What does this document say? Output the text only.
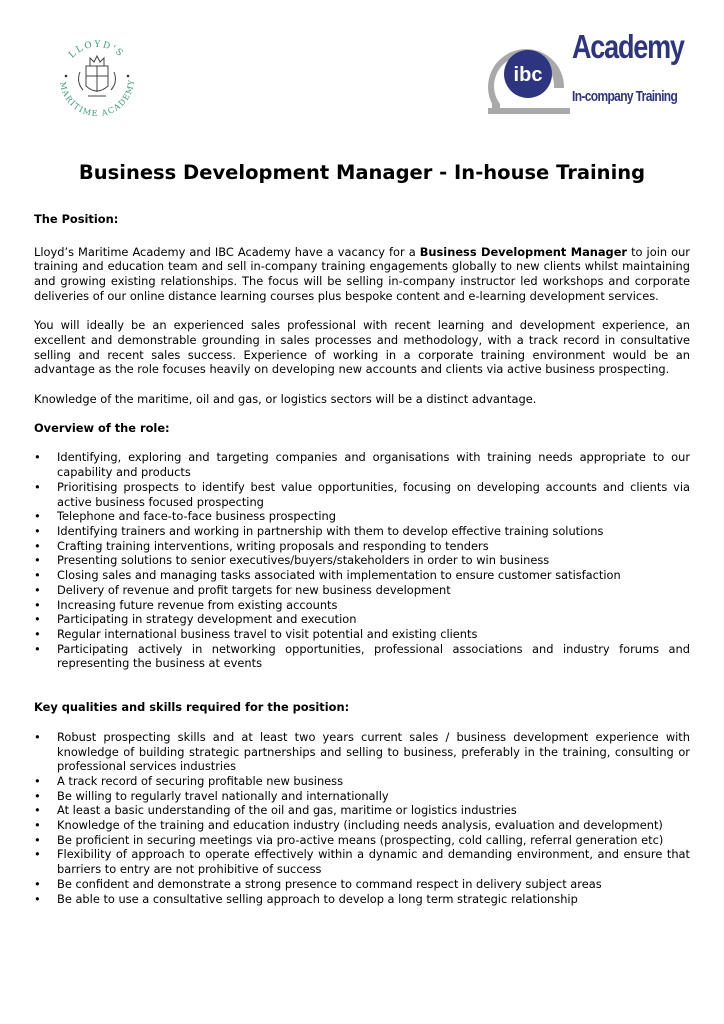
LLOYD'S
MARITIME ACADEMY	ibc
Academy
In-company Training
Business Development Manager - In-house Training
The Position:

Lloyd’s Maritime Academy and IBC Academy have a vacancy for a Business Development Manager to join our training and education team and sell in-company training engagements globally to new clients whilst maintaining and growing existing relationships. The focus will be selling in-company instructor led workshops and corporate deliveries of our online distance learning courses plus bespoke content and e-learning development services.

You will ideally be an experienced sales professional with recent learning and development experience, an excellent and demonstrable grounding in sales processes and methodology, with a track record in consultative selling and recent sales success. Experience of working in a corporate training environment would be an advantage as the role focuses heavily on developing new accounts and clients via active business prospecting.

Knowledge of the maritime, oil and gas, or logistics sectors will be a distinct advantage.

Overview of the role:
• Identifying, exploring and targeting companies and organisations with training needs appropriate to our capability and products
• Prioritising prospects to identify best value opportunities, focusing on developing accounts and clients via active business focused prospecting
• Telephone and face-to-face business prospecting
• Identifying trainers and working in partnership with them to develop effective training solutions
• Crafting training interventions, writing proposals and responding to tenders
• Presenting solutions to senior executives/buyers/stakeholders in order to win business
• Closing sales and managing tasks associated with implementation to ensure customer satisfaction
• Delivery of revenue and profit targets for new business development
• Increasing future revenue from existing accounts
• Participating in strategy development and execution
• Regular international business travel to visit potential and existing clients
• Participating actively in networking opportunities, professional associations and industry forums and representing the business at events
Key qualities and skills required for the position:
• Robust prospecting skills and at least two years current sales / business development experience with knowledge of building strategic partnerships and selling to business, preferably in the training, consulting or professional services industries
• A track record of securing profitable new business
• Be willing to regularly travel nationally and internationally
• At least a basic understanding of the oil and gas, maritime or logistics industries
• Knowledge of the training and education industry (including needs analysis, evaluation and development)
• Be proficient in securing meetings via pro-active means (prospecting, cold calling, referral generation etc)
• Flexibility of approach to operate effectively within a dynamic and demanding environment, and ensure that barriers to entry are not prohibitive of success
• Be confident and demonstrate a strong presence to command respect in delivery subject areas
• Be able to use a consultative selling approach to develop a long term strategic relationship
